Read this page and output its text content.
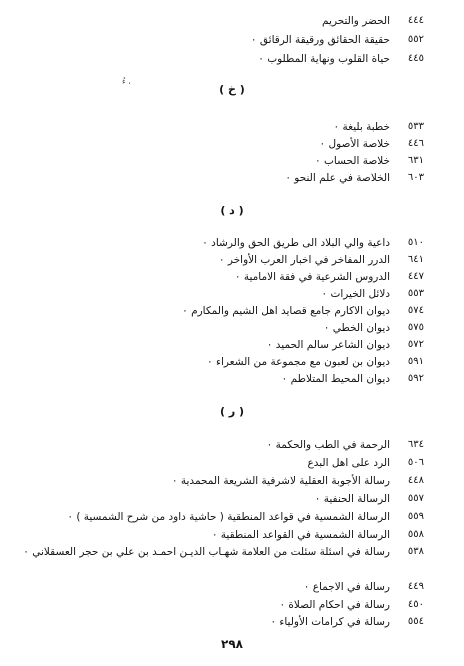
٤٤٤
الحضر والتحريم
٥٥٢
حقيقة الحقائق ورقيقة الرقائق ٠
٤٤٥
حياة القلوب ونهاية المطلوب ٠
ءُ ،
( خ )
٥٣٣
خطبة بليغة ٠
٤٤٦
خلاصة الأصول ٠
٦٣١
خلاصة الحساب ٠
٦٠٣
الخلاصة في علم النحو ٠
( د )
٥١٠
داعية والي البلاد الى طريق الحق والرشاد ٠
٦٤١
الدرر المفاخر في اخبار العرب الأواخر ٠
٤٤٧
الدروس الشرعية في فقة الامامية ٠
٥٥٣
دلائل الخيرات ٠
٥٧٤
ديوان الاكارم جامع قصايد اهل الشيم والمكارم ٠
٥٧٥
ديوان الخطي ٠
٥٧٢
ديوان الشاعر سالم الحميد ٠
٥٩١
ديوان بن لعبون مع مجموعة من الشعراء ٠
٥٩٢
ديوان المحيط المتلاطم ٠
( ر )
٦٣٤
الرحمة في الطب والحكمة ٠
٥٠٦
الرد على اهل البدع
٤٤٨
رسالة الأجوبة العقلية لاشرفية الشريعة المحمدية ٠
٥٥٧
الرسالة الحنفية ٠
٥٥٩
الرسالة الشمسية في قواعد المنطقية ( حاشية داود من شرح الشمسية ) ٠
٥٥٨
الرسالة الشمسية في القواعد المنطقية ٠
٥٣٨
رسالة في اسئلة سئلت من العلامة شهـاب الديـن احمـد بن علي بن حجر العسقلاني ٠
٤٤٩
رسالة في الاجماع ٠
٤٥٠
رسالة في احكام الصلاة ٠
٥٥٤
رسالة في كرامات الأولياء ٠
٢٩٨
